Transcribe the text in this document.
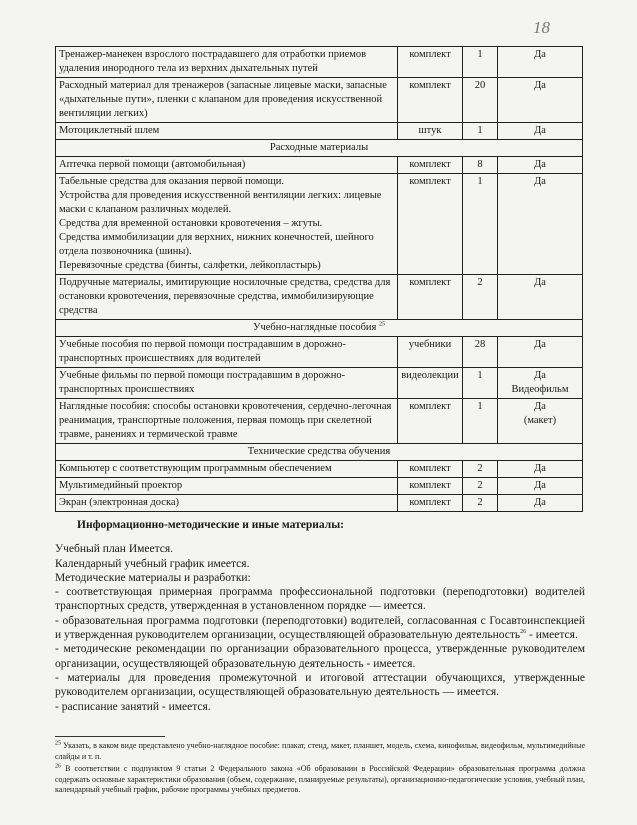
18
Тренажер-манекен взрослого пострадавшего для отработки приемов удаления инородного тела из верхних дыхательных путей	комплект	1	Да
Расходный материал для тренажеров (запасные лицевые маски, запасные «дыхательные пути», пленки с клапаном для проведения искусственной вентиляции легких)	комплект	20	Да
Мотоциклетный шлем	штук	1	Да
Расходные материалы			
Аптечка первой помощи (автомобильная)	комплект	8	Да
Табельные средства для оказания первой помощи.
Устройства для проведения искусственной вентиляции легких: лицевые маски с клапаном различных моделей.
Средства для временной остановки кровотечения – жгуты.
Средства иммобилизации для верхних, нижних конечностей, шейного отдела позвоночника (шины).
Перевязочные средства (бинты, салфетки, лейкопластырь)	комплект	1	Да
Подручные материалы, имитирующие носилочные средства, средства для остановки кровотечения, перевязочные средства, иммобилизирующие средства	комплект	2	Да
Учебно-наглядные пособия $^{25}$
Учебные пособия по первой помощи пострадавшим в дорожно-транспортных происшествиях для водителей	учебники	28	Да
Учебные фильмы по первой помощи пострадавшим в дорожно-транспортных происшествиях	видеолекции	1	Да
Видеофильм
Наглядные пособия: способы остановки кровотечения, сердечно-легочная реанимация, транспортные положения, первая помощь при скелетной травме, ранениях и термической травме	комплект	1	Да
(макет)
Технические средства обучения			
Компьютер с соответствующим программным обеспечением	комплект	2	Да
Мультимедийный проектор	комплект	2	Да
Экран (электронная доска)	комплект	2	Да
Информационно-методические и иные материалы:

Учебный план Имеется.

Календарный учебный график имеется.

Методические материалы и разработки:

- соответствующая примерная программа профессиональной подготовки (переподготовки) водителей транспортных средств, утвержденная в установленном порядке — имеется.

- образовательная программа подготовки (переподготовки) водителей, согласованная с Госавтоинспекцией и утвержденная руководителем организации, осуществляющей образовательную деятельность$^{26}$ - имеется.

- методические рекомендации по организации образовательного процесса, утвержденные руководителем организации, осуществляющей образовательную деятельность - имеется.

- материалы для проведения промежуточной и итоговой аттестации обучающихся, утвержденные руководителем организации, осуществляющей образовательную деятельность — имеется.

- расписание занятий - имеется.

$^{25}$ Указать, в каком виде представлено учебно-наглядное пособие: плакат, стенд, макет, планшет, модель, схема, кинофильм, видеофильм, мультимедийные слайды и т. п.

$^{26}$ В соответствии с подпунктом 9 статьи 2 Федерального закона «Об образовании в Российской Федерации» образовательная программа должна содержать основные характеристики образования (объем, содержание, планируемые результаты), организационно-педагогические условия, учебный план, календарный учебный график, рабочие программы учебных предметов.
